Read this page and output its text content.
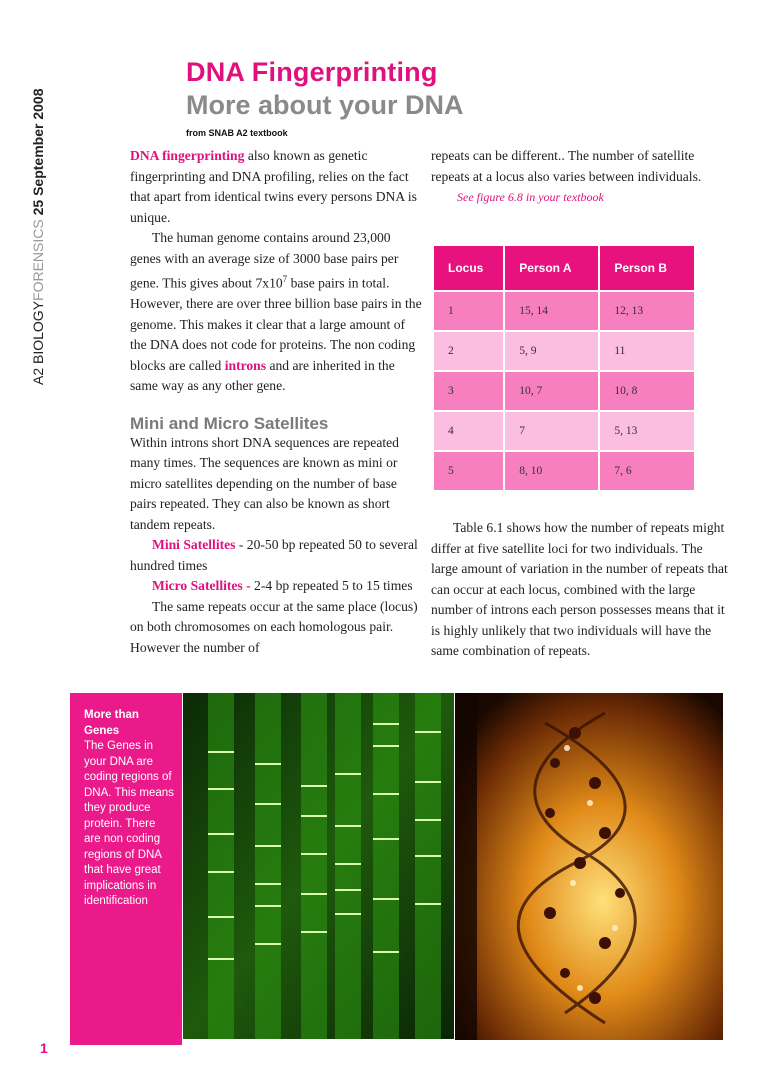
A2 BIOLOGYFORENSICS 25 September 2008
DNA Fingerprinting
More about your DNA
from SNAB A2 textbook

DNA fingerprinting also known as genetic fingerprinting and DNA profiling, relies on the fact that apart from identical twins every persons DNA is unique.

The human genome contains around 23,000 genes with an average size of 3000 base pairs per gene. This gives about $7x10^7$ base pairs in total. However, there are over three billion base pairs in the genome. This makes it clear that a large amount of the DNA does not code for proteins. The non coding blocks are called introns and are inherited in the same way as any other gene.

Mini and Micro Satellites

Within introns short DNA sequences are repeated many times. The sequences are known as mini or micro satellites depending on the number of base pairs repeated. They can also be known as short tandem repeats.

Mini Satellites - 20-50 bp repeated 50 to several hundred times

Micro Satellites - 2-4 bp repeated 5 to 15 times

The same repeats occur at the same place (locus) on both chromosomes on each homologous pair. However the number of

repeats can be different.. The number of satellite repeats at a locus also varies between individuals.

See figure 6.8 in your textbook

Locus	Person A	Person B
1	15, 14	12, 13
2	5, 9	11
3	10, 7	10, 8
4	7	5, 13
5	8, 10	7, 6

Table 6.1 shows how the number of repeats might differ at five satellite loci for two individuals. The large amount of variation in the number of repeats that can occur at each locus, combined with the large number of introns each person possesses means that it is highly unlikely that two individuals will have the same combination of repeats.

More than Genes
The Genes in your DNA are coding regions of DNA. This means they produce protein. There are non coding regions of DNA that have great implications in identification
1
